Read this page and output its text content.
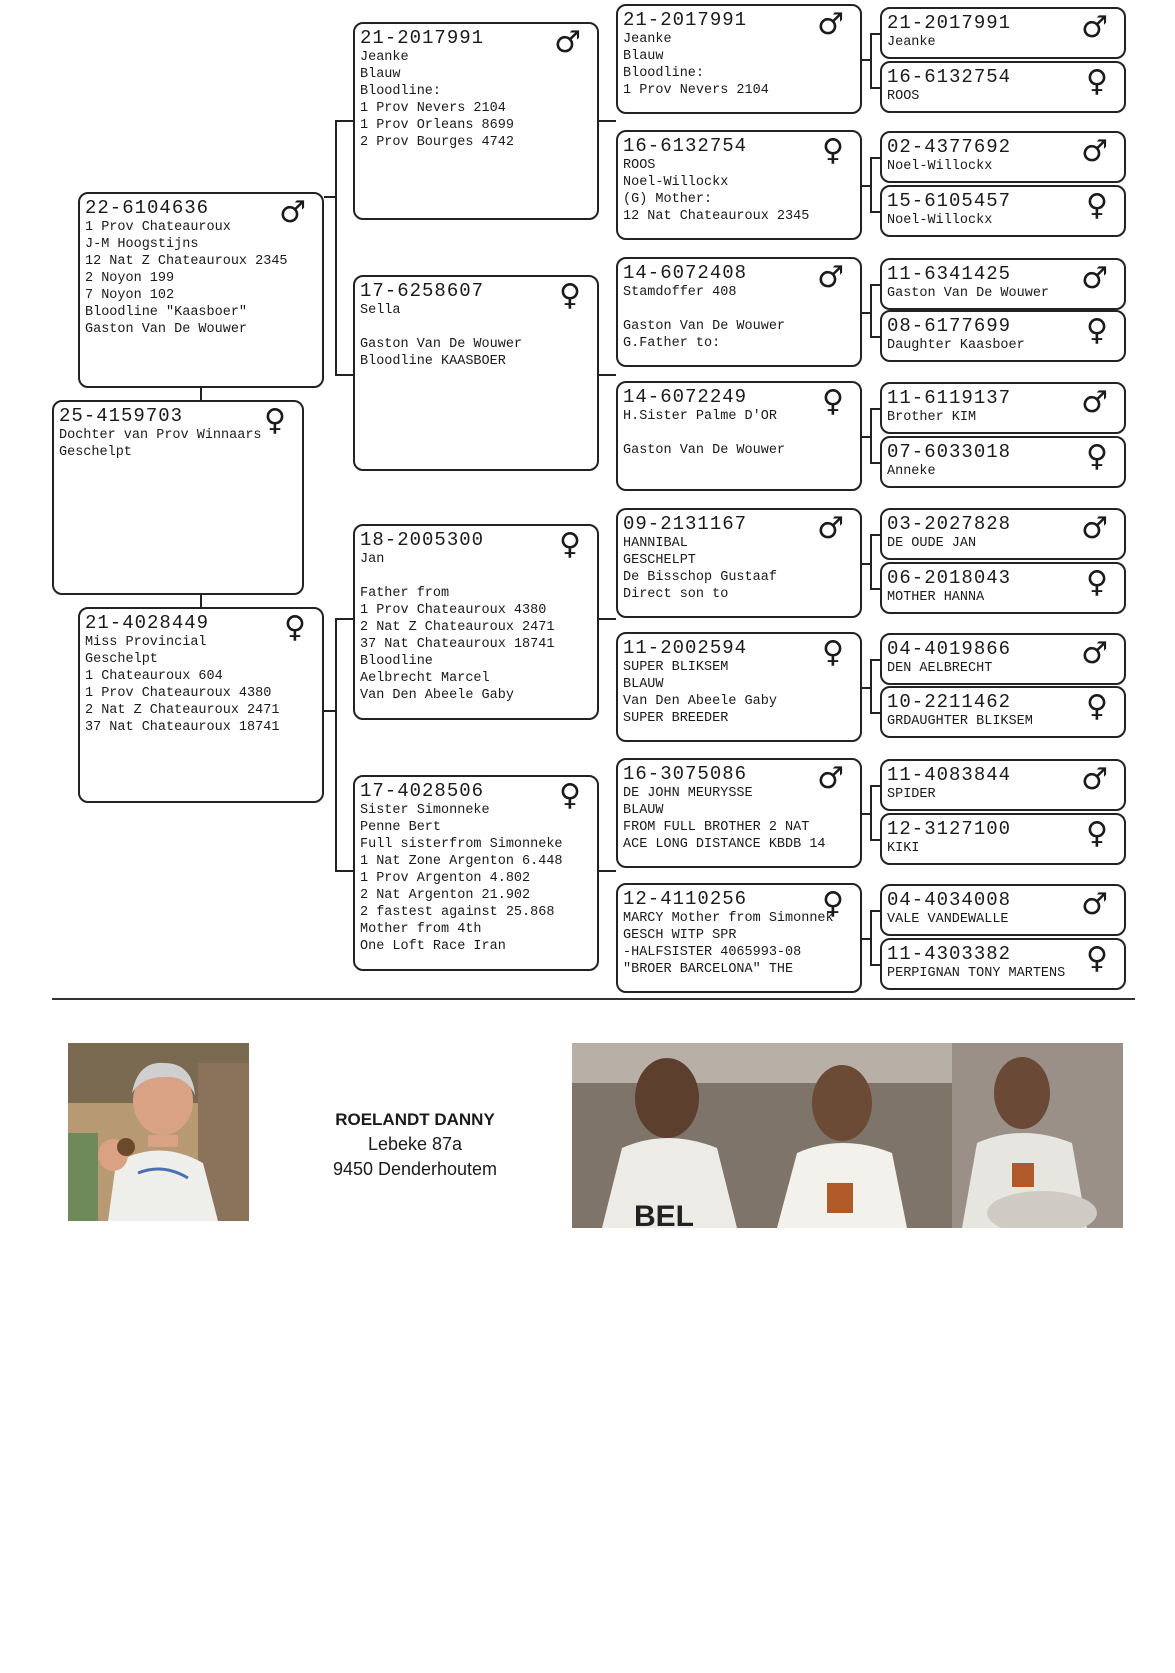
25-4159703	♀
Dochter van Prov Winnaars
Geschelpt
22-6104636	♂
1 Prov Chateauroux
J-M Hoogstijns
12 Nat Z Chateauroux 2345
2 Noyon 199
7 Noyon 102
Bloodline "Kaasboer"
Gaston Van De Wouwer
21-4028449	♀
Miss Provincial
Geschelpt
1 Chateauroux 604
1 Prov Chateauroux 4380
2 Nat Z Chateauroux 2471
37 Nat Chateauroux 18741
21-2017991	♂
Jeanke
Blauw
Bloodline:
1 Prov Nevers 2104
1 Prov Orleans 8699
2 Prov Bourges 4742
17-6258607	♀
Sella
Gaston Van De Wouwer
Bloodline KAASBOER
18-2005300	♀
Jan
Father from
1 Prov Chateauroux 4380
2 Nat Z Chateauroux 2471
37 Nat Chateauroux 18741
Bloodline
Aelbrecht Marcel
Van Den Abeele Gaby
17-4028506	♀
Sister Simonneke
Penne Bert
Full sisterfrom Simonneke
1 Nat Zone Argenton 6.448
1 Prov Argenton 4.802
2 Nat Argenton 21.902
2 fastest against 25.868
Mother from 4th
One Loft Race Iran
21-2017991	♂
Jeanke
Blauw
Bloodline:
1 Prov Nevers 2104
16-6132754	♀
ROOS
Noel-Willockx
(G) Mother:
12 Nat Chateauroux 2345
14-6072408	♂
Stamdoffer 408
Gaston Van De Wouwer
G.Father to:
14-6072249	♀
H.Sister Palme D'OR
Gaston Van De Wouwer
09-2131167	♂
HANNIBAL
GESCHELPT
De Bisschop Gustaaf
Direct son to
11-2002594	♀
SUPER BLIKSEM
BLAUW
Van Den Abeele Gaby
SUPER BREEDER
16-3075086	♂
DE JOHN MEURYSSE
BLAUW
FROM FULL BROTHER 2 NAT
ACE LONG DISTANCE KBDB 14
12-4110256	♀
MARCY Mother from Simonnek
GESCH WITP SPR
-HALFSISTER 4065993-08
"BROER BARCELONA" THE
21-2017991	♂
Jeanke
16-6132754	♀
ROOS
02-4377692	♂
Noel-Willockx
15-6105457	♀
Noel-Willockx
11-6341425	♂
Gaston Van De Wouwer
08-6177699	♀
Daughter Kaasboer
11-6119137	♂
Brother KIM
07-6033018	♀
Anneke
03-2027828	♂
DE OUDE JAN
06-2018043	♀
MOTHER HANNA
04-4019866	♂
DEN AELBRECHT
10-2211462	♀
GRDAUGHTER BLIKSEM
11-4083844	♂
SPIDER
12-3127100	♀
KIKI
04-4034008	♂
VALE VANDEWALLE
11-4303382	♀
PERPIGNAN TONY MARTENS
ROELANDT DANNY
Lebeke 87a
9450 Denderhoutem
BEL
